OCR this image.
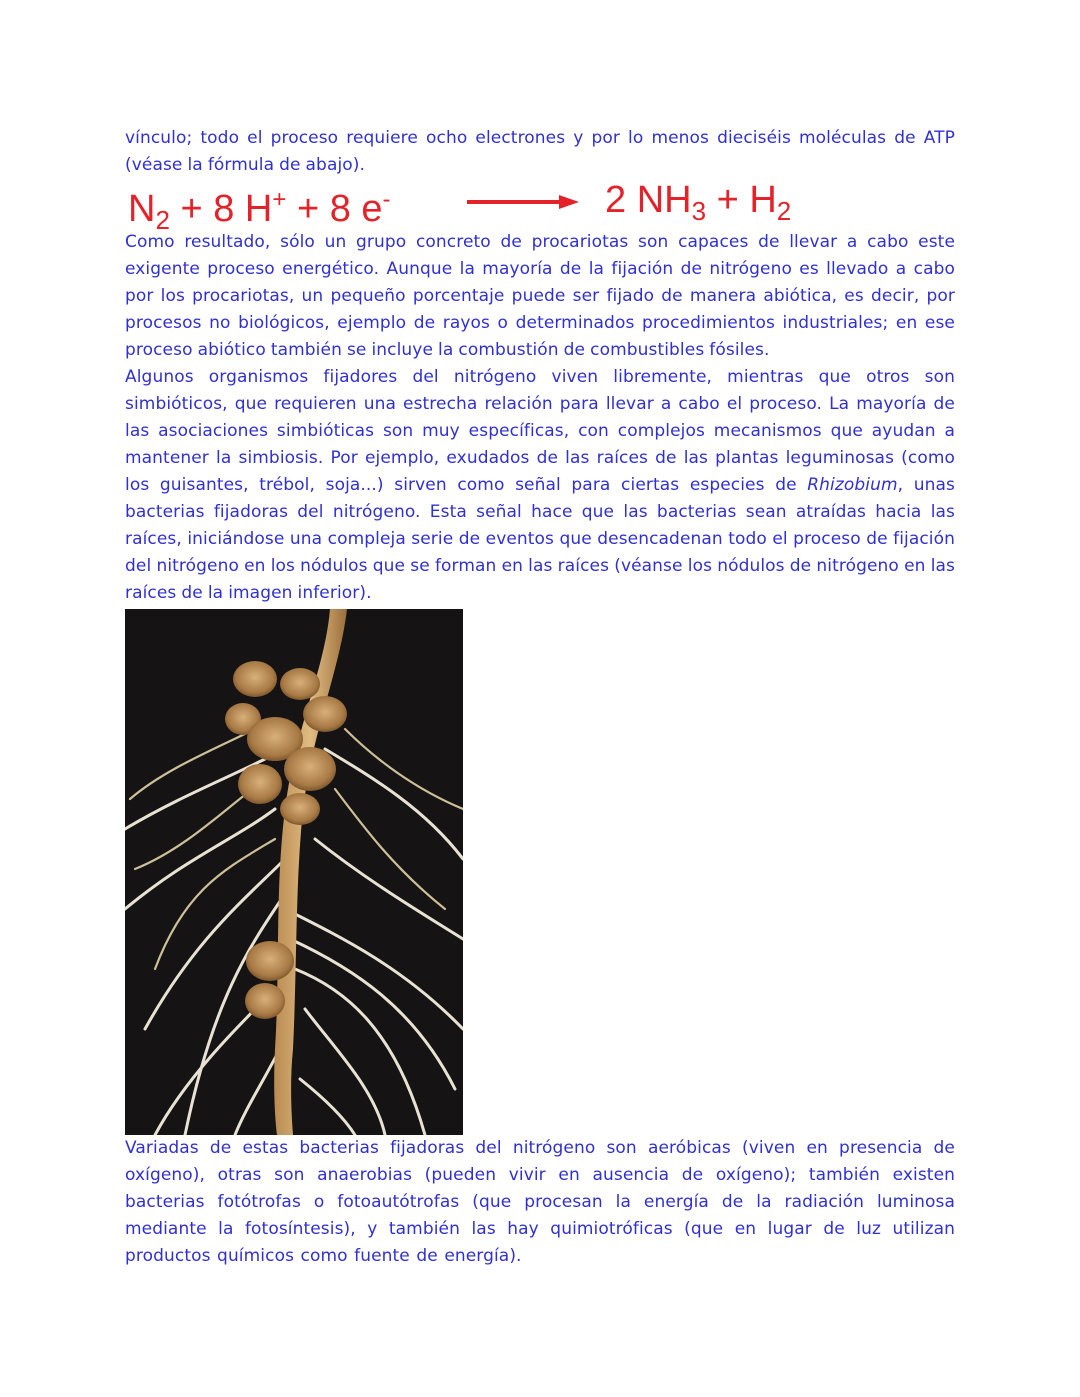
vínculo; todo el proceso requiere ocho electrones y por lo menos dieciséis moléculas de ATP (véase la fórmula de abajo).

$N_2 + 8$ H+ + 8 e- → 2 $NH_3 + H_2$

Como resultado, sólo un grupo concreto de procariotas son capaces de llevar a cabo este exigente proceso energético. Aunque la mayoría de la fijación de nitrógeno es llevado a cabo por los procariotas, un pequeño porcentaje puede ser fijado de manera abiótica, es decir, por procesos no biológicos, ejemplo de rayos o determinados procedimientos industriales; en ese proceso abiótico también se incluye la combustión de combustibles fósiles.

Algunos organismos fijadores del nitrógeno viven libremente, mientras que otros son simbióticos, que requieren una estrecha relación para llevar a cabo el proceso. La mayoría de las asociaciones simbióticas son muy específicas, con complejos mecanismos que ayudan a mantener la simbiosis. Por ejemplo, exudados de las raíces de las plantas leguminosas (como los guisantes, trébol, soja...) sirven como señal para ciertas especies de Rhizobium, unas bacterias fijadoras del nitrógeno. Esta señal hace que las bacterias sean atraídas hacia las raíces, iniciándose una compleja serie de eventos que desencadenan todo el proceso de fijación del nitrógeno en los nódulos que se forman en las raíces (véanse los nódulos de nitrógeno en las raíces de la imagen inferior).

Variadas de estas bacterias fijadoras del nitrógeno son aeróbicas (viven en presencia de oxígeno), otras son anaerobias (pueden vivir en ausencia de oxígeno); también existen bacterias fotótrofas o fotoautótrofas (que procesan la energía de la radiación luminosa mediante la fotosíntesis), y también las hay quimiotróficas (que en lugar de luz utilizan productos químicos como fuente de energía).
